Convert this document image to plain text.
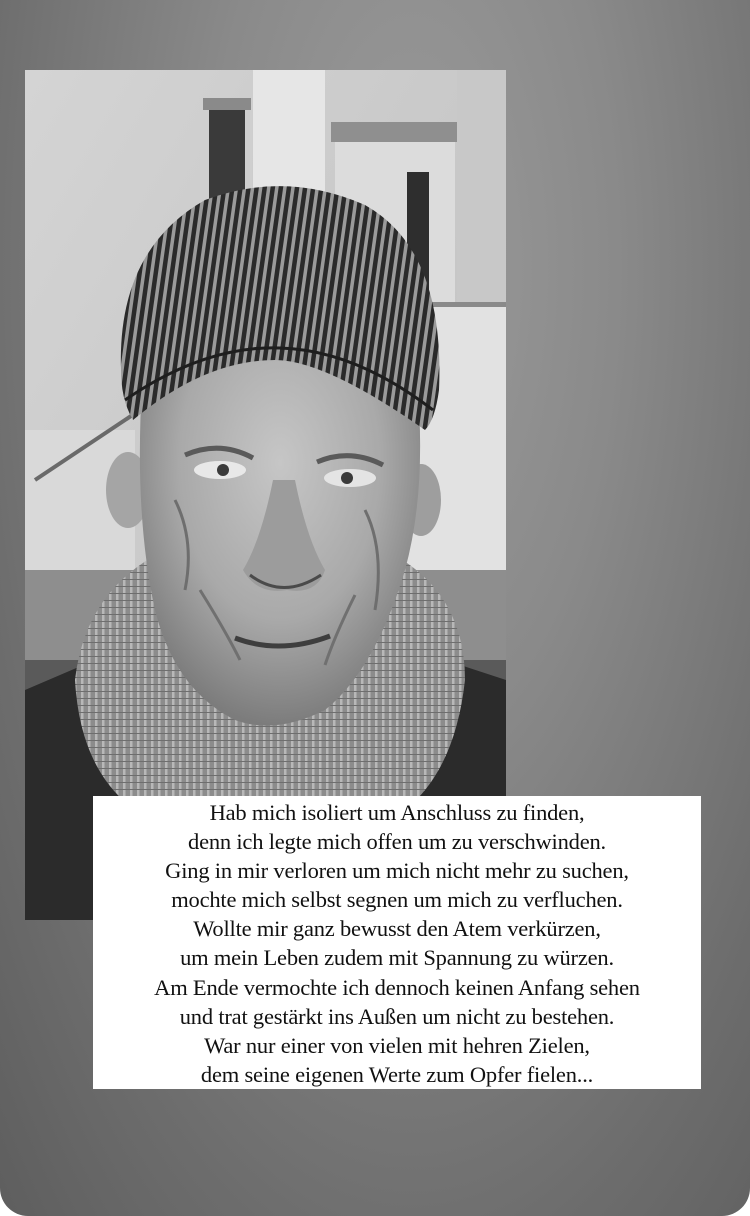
Hab mich isoliert um Anschluss zu finden,
denn ich legte mich offen um zu verschwinden.
Ging in mir verloren um mich nicht mehr zu suchen,
mochte mich selbst segnen um mich zu verfluchen.
Wollte mir ganz bewusst den Atem verkürzen,
um mein Leben zudem mit Spannung zu würzen.
Am Ende vermochte ich dennoch keinen Anfang sehen
und trat gestärkt ins Außen um nicht zu bestehen.
War nur einer von vielen mit hehren Zielen,
dem seine eigenen Werte zum Opfer fielen...
